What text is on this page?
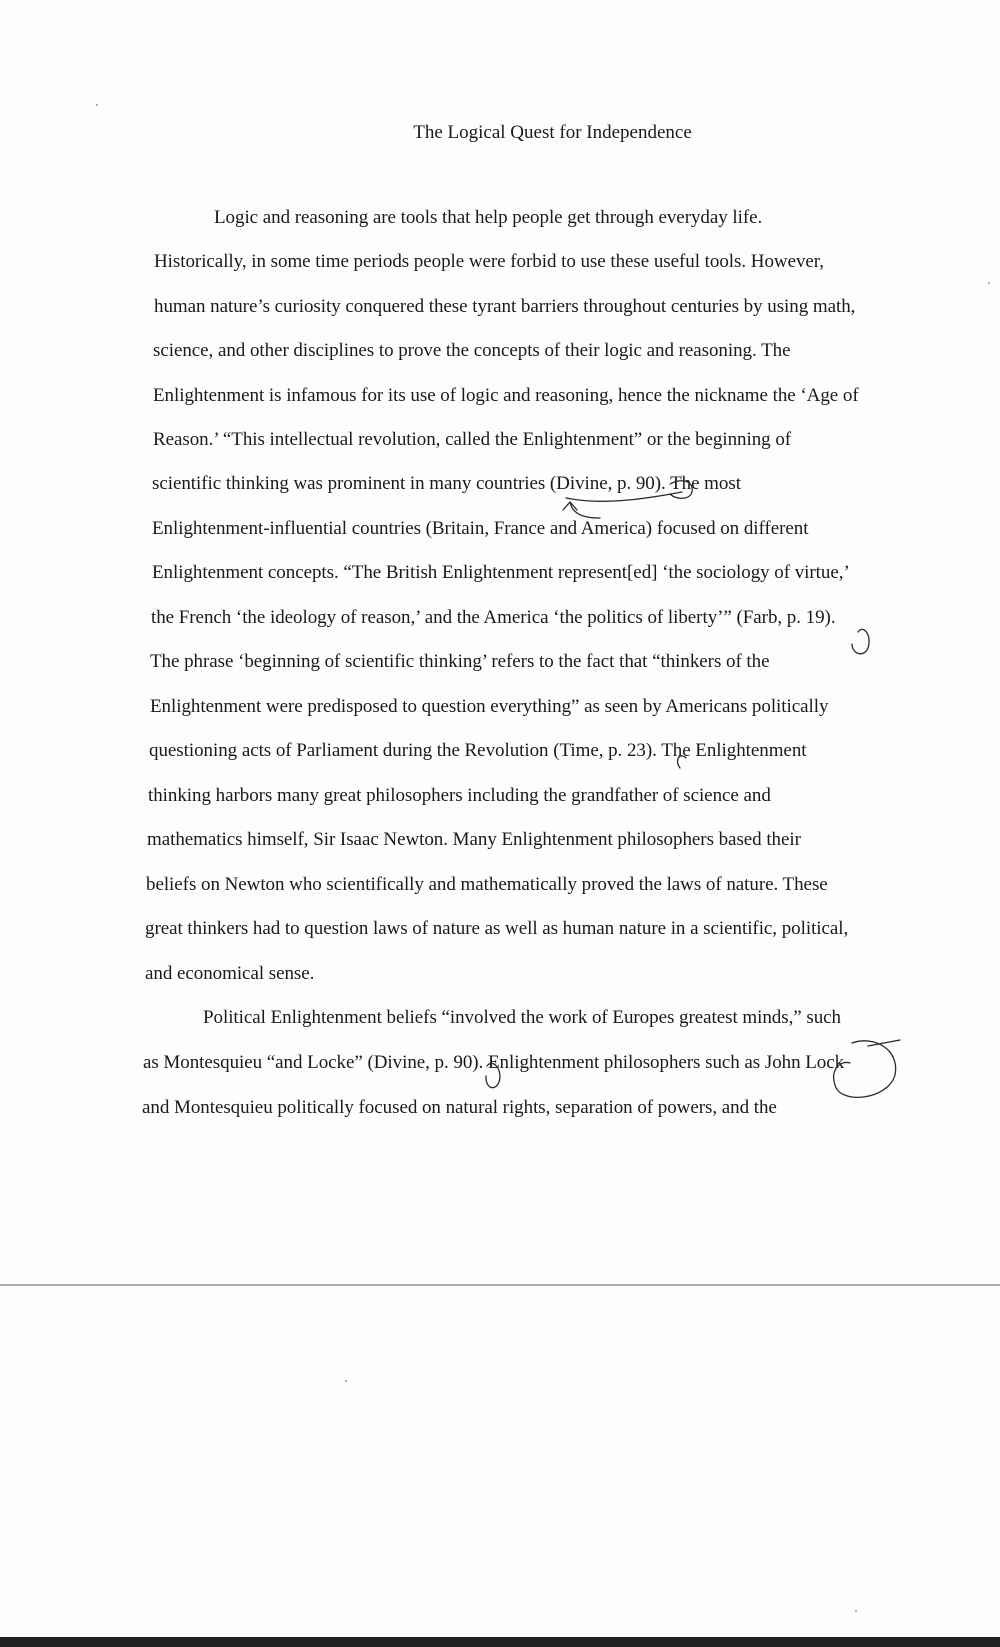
The Logical Quest for Independence
Logic and reasoning are tools that help people get through everyday life.
Historically, in some time periods people were forbid to use these useful tools. However,
human nature’s curiosity conquered these tyrant barriers throughout centuries by using math,
science, and other disciplines to prove the concepts of their logic and reasoning. The
Enlightenment is infamous for its use of logic and reasoning, hence the nickname the ‘Age of
Reason.’ “This intellectual revolution, called the Enlightenment” or the beginning of
scientific thinking was prominent in many countries (Divine, p. 90). The most
Enlightenment-influential countries (Britain, France and America) focused on different
Enlightenment concepts. “The British Enlightenment represent[ed] ‘the sociology of virtue,’
the French ‘the ideology of reason,’ and the America ‘the politics of liberty’” (Farb, p. 19).
The phrase ‘beginning of scientific thinking’ refers to the fact that “thinkers of the
Enlightenment were predisposed to question everything” as seen by Americans politically
questioning acts of Parliament during the Revolution (Time, p. 23). The Enlightenment
thinking harbors many great philosophers including the grandfather of science and
mathematics himself, Sir Isaac Newton. Many Enlightenment philosophers based their
beliefs on Newton who scientifically and mathematically proved the laws of nature. These
great thinkers had to question laws of nature as well as human nature in a scientific, political,
and economical sense.
Political Enlightenment beliefs “involved the work of Europes greatest minds,” such
as Montesquieu “and Locke” (Divine, p. 90). Enlightenment philosophers such as John Lock
and Montesquieu politically focused on natural rights, separation of powers, and the
